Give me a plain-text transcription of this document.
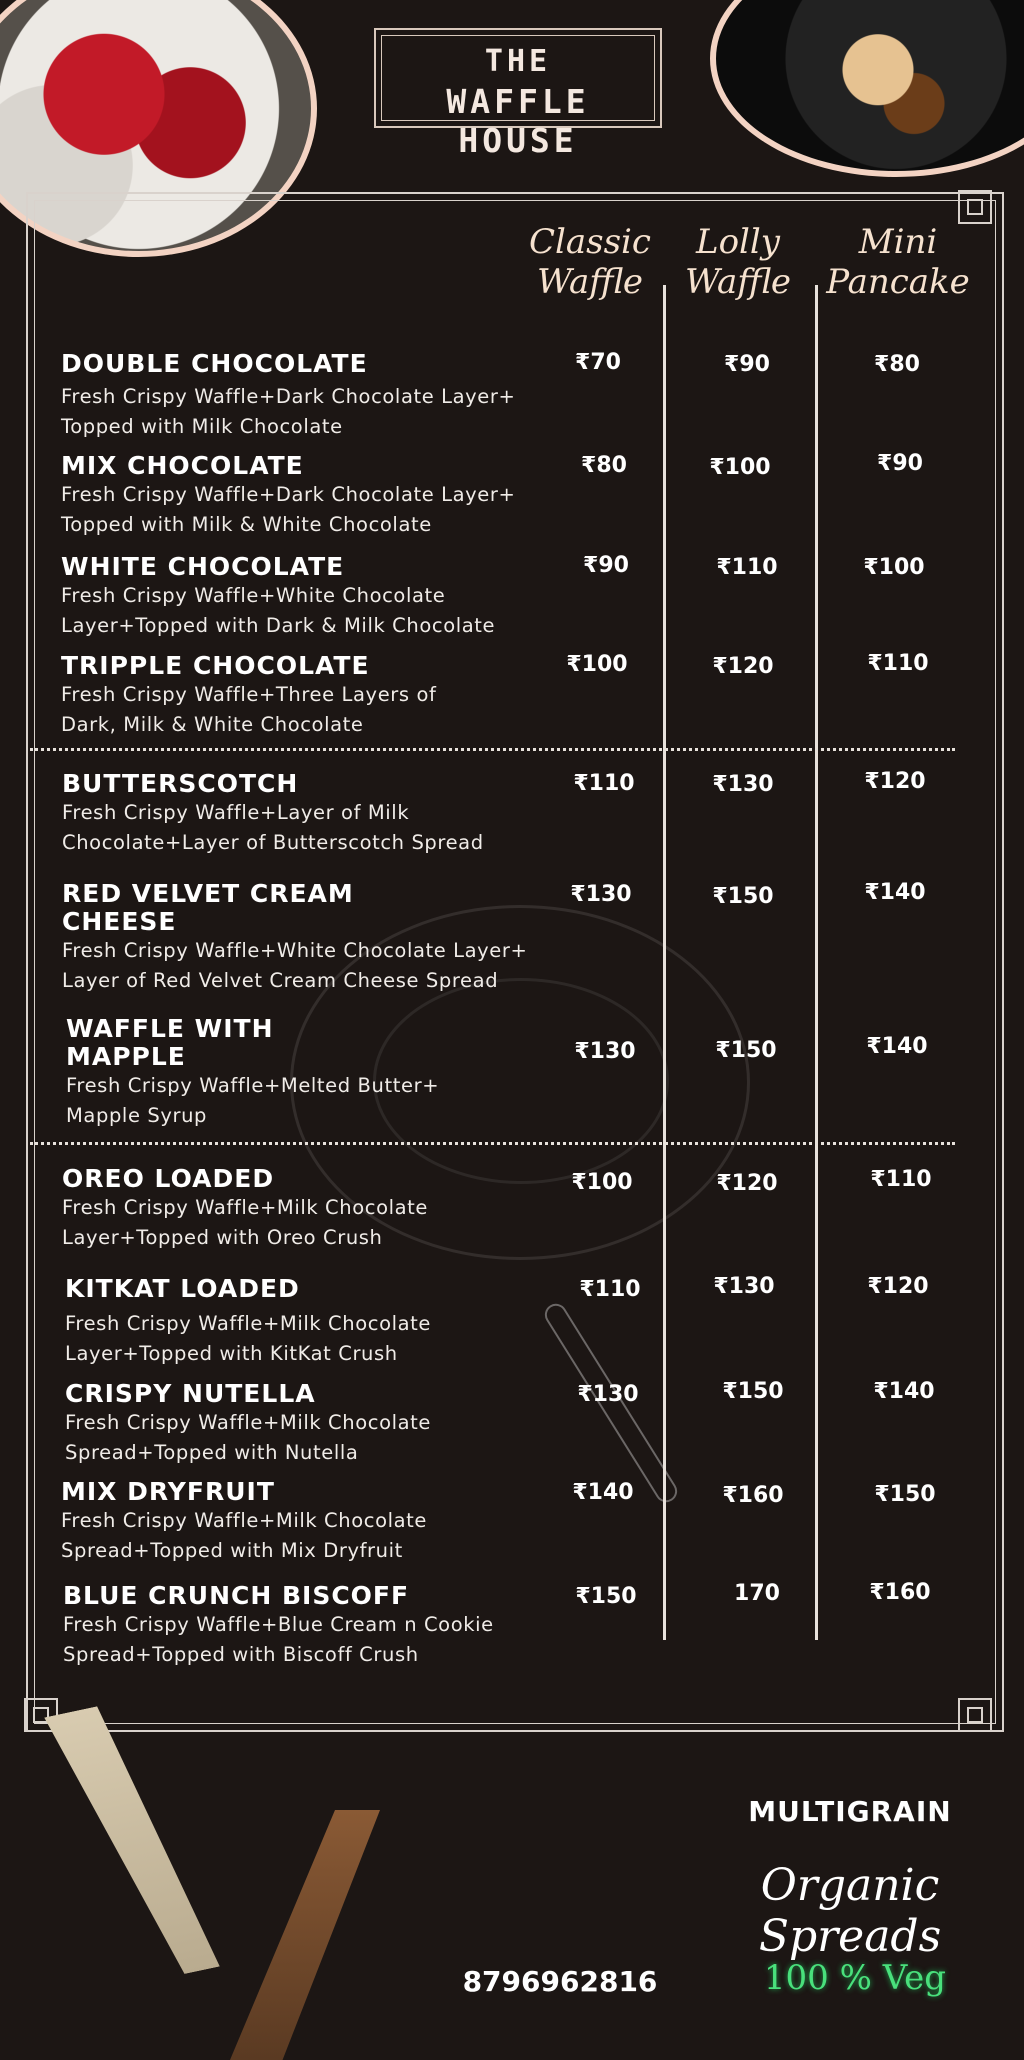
THE
WAFFLE HOUSE
Classic
Waffle
Lolly
Waffle
Mini
Pancake
DOUBLE CHOCOLATE
Fresh Crispy Waffle+Dark Chocolate Layer+
Topped with Milk Chocolate
₹70	₹90	₹80
MIX CHOCOLATE
Fresh Crispy Waffle+Dark Chocolate Layer+
Topped with Milk & White Chocolate
₹80	₹100	₹90
WHITE CHOCOLATE
Fresh Crispy Waffle+White Chocolate
Layer+Topped with Dark & Milk Chocolate
₹90	₹110	₹100
TRIPPLE CHOCOLATE
Fresh Crispy Waffle+Three Layers of
Dark, Milk & White Chocolate
₹100	₹120	₹110
BUTTERSCOTCH
Fresh Crispy Waffle+Layer of Milk
Chocolate+Layer of Butterscotch Spread
₹110	₹130	₹120
RED VELVET CREAM
CHEESE
Fresh Crispy Waffle+White Chocolate Layer+
Layer of Red Velvet Cream Cheese Spread
₹130	₹150	₹140
WAFFLE WITH
MAPPLE
Fresh Crispy Waffle+Melted Butter+
Mapple Syrup
₹130	₹150	₹140
OREO LOADED
Fresh Crispy Waffle+Milk Chocolate
Layer+Topped with Oreo Crush
₹100	₹120	₹110
KITKAT LOADED
Fresh Crispy Waffle+Milk Chocolate
Layer+Topped with KitKat Crush
₹110	₹130	₹120
CRISPY NUTELLA
Fresh Crispy Waffle+Milk Chocolate
Spread+Topped with Nutella
₹130	₹150	₹140
MIX DRYFRUIT
Fresh Crispy Waffle+Milk Chocolate
Spread+Topped with Mix Dryfruit
₹140	₹160	₹150
BLUE CRUNCH BISCOFF
Fresh Crispy Waffle+Blue Cream n Cookie
Spread+Topped with Biscoff Crush
₹150	170	₹160
MULTIGRAIN
Organic Spreads
8796962816	100 % Veg
